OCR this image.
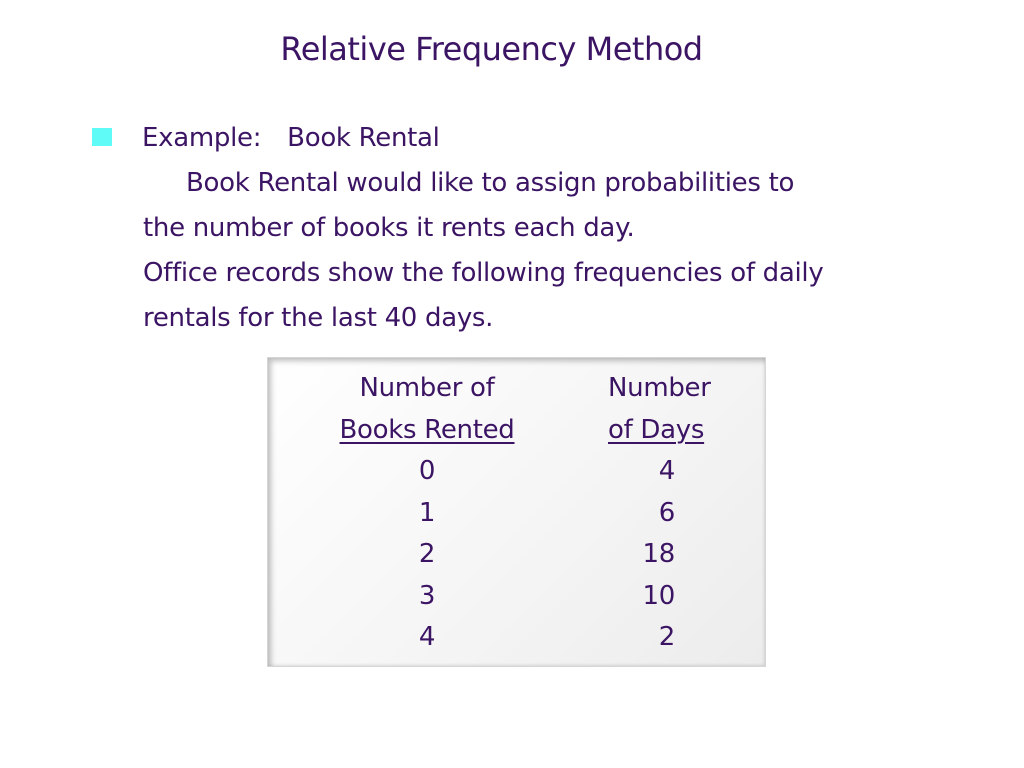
Relative Frequency Method
Example: Book Rental
Book Rental would like to assign probabilities to
the number of books it rents each day.
Office records show the following frequencies of daily
rentals for the last 40 days.
Number of
Books Rented
0
1
2
3
4
Number
of Days
4
6
18
10
2
